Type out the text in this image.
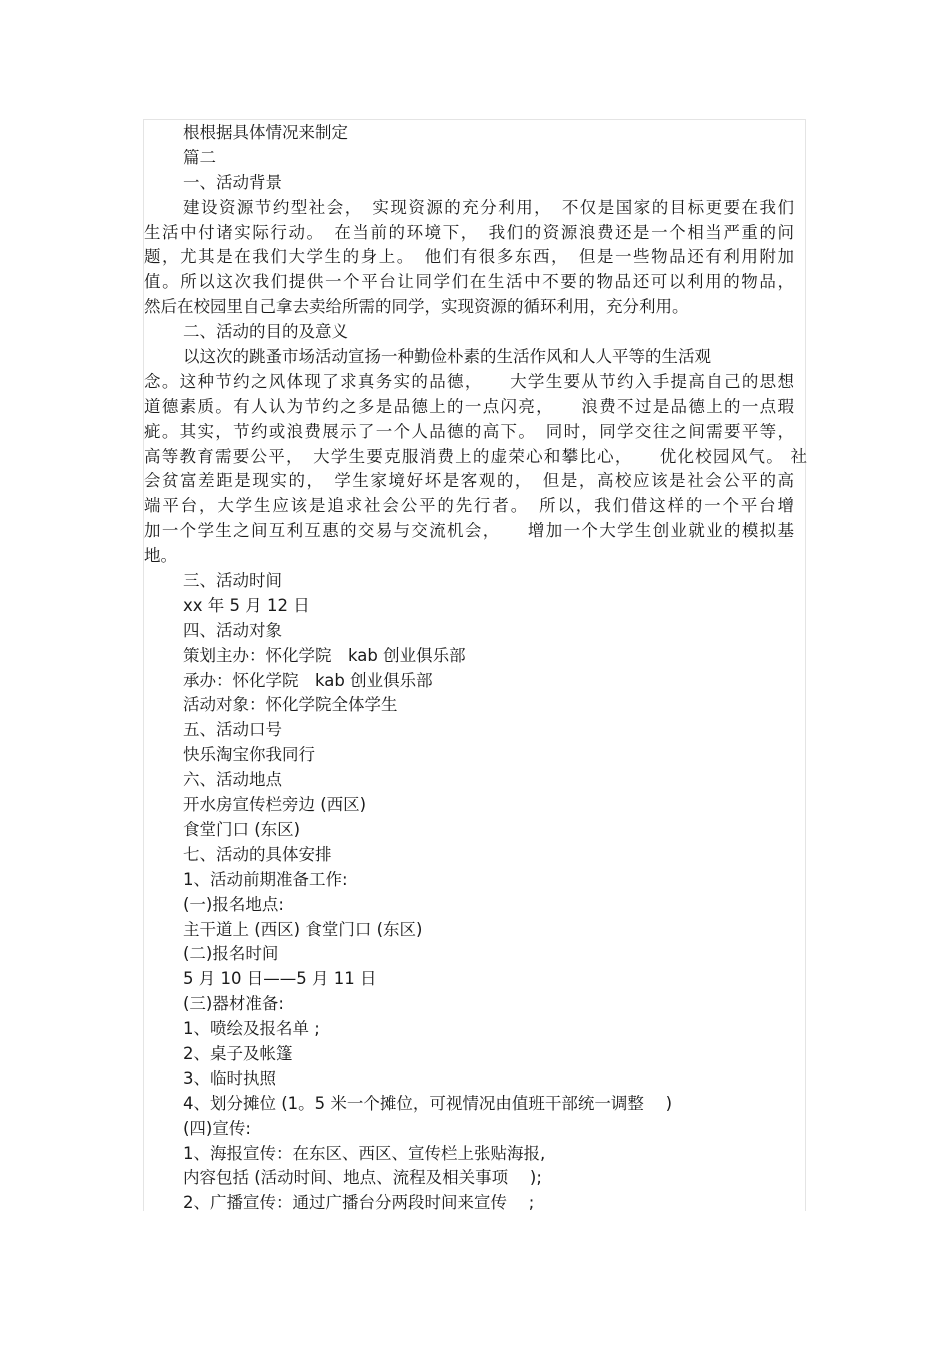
根根据具体情况来制定
篇二
一、活动背景
建设资源节约型社会，　实现资源的充分利用，　不仅是国家的目标更要在我们
生活中付诸实际行动。　在当前的环境下，　我们的资源浪费还是一个相当严重的问
题，尤其是在我们大学生的身上。　他们有很多东西，　但是一些物品还有利用附加
值。所以这次我们提供一个平台让同学们在生活中不要的物品还可以利用的物品，
然后在校园里自己拿去卖给所需的同学，实现资源的循环利用，充分利用。
二、活动的目的及意义
以这次的跳蚤市场活动宣扬一种勤俭朴素的生活作风和人人平等的生活观
念。这种节约之风体现了求真务实的品德，　　大学生要从节约入手提高自己的思想
道德素质。有人认为节约之多是品德上的一点闪亮，　　浪费不过是品德上的一点瑕
疵。其实，节约或浪费展示了一个人品德的高下。　同时，同学交往之间需要平等，
高等教育需要公平，　大学生要克服消费上的虚荣心和攀比心，　　优化校园风气。 社
会贫富差距是现实的，　学生家境好坏是客观的，　但是，高校应该是社会公平的高
端平台，大学生应该是追求社会公平的先行者。　所以，我们借这样的一个平台增
加一个学生之间互利互惠的交易与交流机会，　　增加一个大学生创业就业的模拟基
地。
三、活动时间
xx 年 5 月 12 日
四、活动对象
策划主办：怀化学院　kab 创业俱乐部
承办：怀化学院　kab 创业俱乐部
活动对象：怀化学院全体学生
五、活动口号
快乐淘宝你我同行
六、活动地点
开水房宣传栏旁边 (西区)
食堂门口 (东区)
七、活动的具体安排
1、活动前期准备工作:
(一)报名地点:
主干道上 (西区) 食堂门口 (东区)
(二)报名时间
5 月 10 日——5 月 11 日
(三)器材准备:
1、喷绘及报名单 ;
2、桌子及帐篷
3、临时执照
4、划分摊位 (1。5 米一个摊位，可视情况由值班干部统一调整　 )
(四)宣传:
1、海报宣传：在东区、西区、宣传栏上张贴海报,
内容包括 (活动时间、地点、流程及相关事项　 );
2、广播宣传：通过广播台分两段时间来宣传　 ;
